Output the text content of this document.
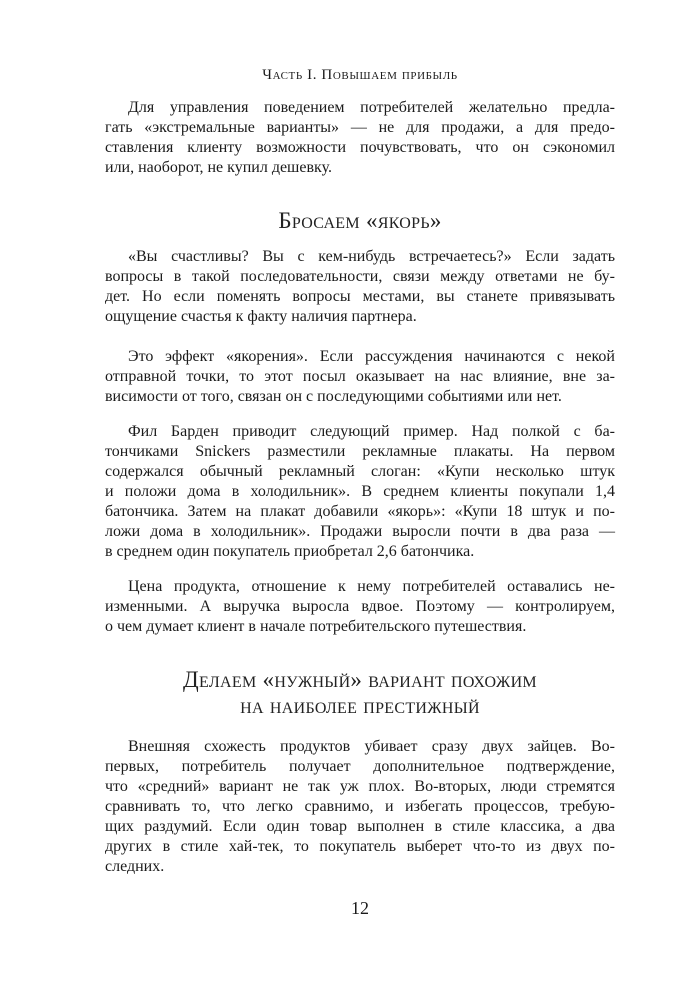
Часть I. Повышаем прибыль
Для управления поведением потребителей желательно предла-
гать «экстремальные варианты» — не для продажи, а для предо-
ставления клиенту возможности почувствовать, что он сэкономил
или, наоборот, не купил дешевку.
Бросаем «якорь»
«Вы счастливы? Вы с кем-нибудь встречаетесь?» Если задать
вопросы в такой последовательности, связи между ответами не бу-
дет. Но если поменять вопросы местами, вы станете привязывать
ощущение счастья к факту наличия партнера.
Это эффект «якорения». Если рассуждения начинаются с некой
отправной точки, то этот посыл оказывает на нас влияние, вне за-
висимости от того, связан он с последующими событиями или нет.
Фил Барден приводит следующий пример. Над полкой с ба-
тончиками Snickers разместили рекламные плакаты. На первом
содержался обычный рекламный слоган: «Купи несколько штук
и положи дома в холодильник». В среднем клиенты покупали 1,4
батончика. Затем на плакат добавили «якорь»: «Купи 18 штук и по-
ложи дома в холодильник». Продажи выросли почти в два раза —
в среднем один покупатель приобретал 2,6 батончика.
Цена продукта, отношение к нему потребителей оставались не-
изменными. А выручка выросла вдвое. Поэтому — контролируем,
о чем думает клиент в начале потребительского путешествия.
Делаем «нужный» вариант похожим
на наиболее престижный
Внешняя схожесть продуктов убивает сразу двух зайцев. Во-
первых, потребитель получает дополнительное подтверждение,
что «средний» вариант не так уж плох. Во-вторых, люди стремятся
сравнивать то, что легко сравнимо, и избегать процессов, требую-
щих раздумий. Если один товар выполнен в стиле классика, а два
других в стиле хай-тек, то покупатель выберет что-то из двух по-
следних.
12
